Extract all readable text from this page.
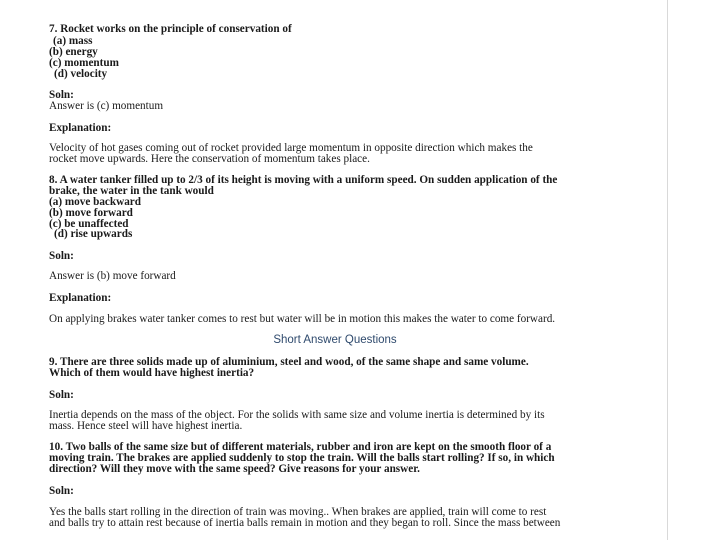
7. Rocket works on the principle of conservation of
(a) mass
(b) energy
(c) momentum
(d) velocity
Soln:
Answer is (c) momentum
Explanation:
Velocity of hot gases coming out of rocket provided large momentum in opposite direction which makes the
rocket move upwards. Here the conservation of momentum takes place.
8. A water tanker filled up to 2/3 of its height is moving with a uniform speed. On sudden application of the
brake, the water in the tank would
(a) move backward
(b) move forward
(c) be unaffected
(d) rise upwards
Soln:
Answer is (b) move forward
Explanation:
On applying brakes water tanker comes to rest but water will be in motion this makes the water to come forward.
Short Answer Questions
9. There are three solids made up of aluminium, steel and wood, of the same shape and same volume.
Which of them would have highest inertia?
Soln:
Inertia depends on the mass of the object. For the solids with same size and volume inertia is determined by its
mass. Hence steel will have highest inertia.
10. Two balls of the same size but of different materials, rubber and iron are kept on the smooth floor of a
moving train. The brakes are applied suddenly to stop the train. Will the balls start rolling? If so, in which
direction? Will they move with the same speed? Give reasons for your answer.
Soln:
Yes the balls start rolling in the direction of train was moving.. When brakes are applied, train will come to rest
and balls try to attain rest because of inertia balls remain in motion and they began to roll. Since the mass between
